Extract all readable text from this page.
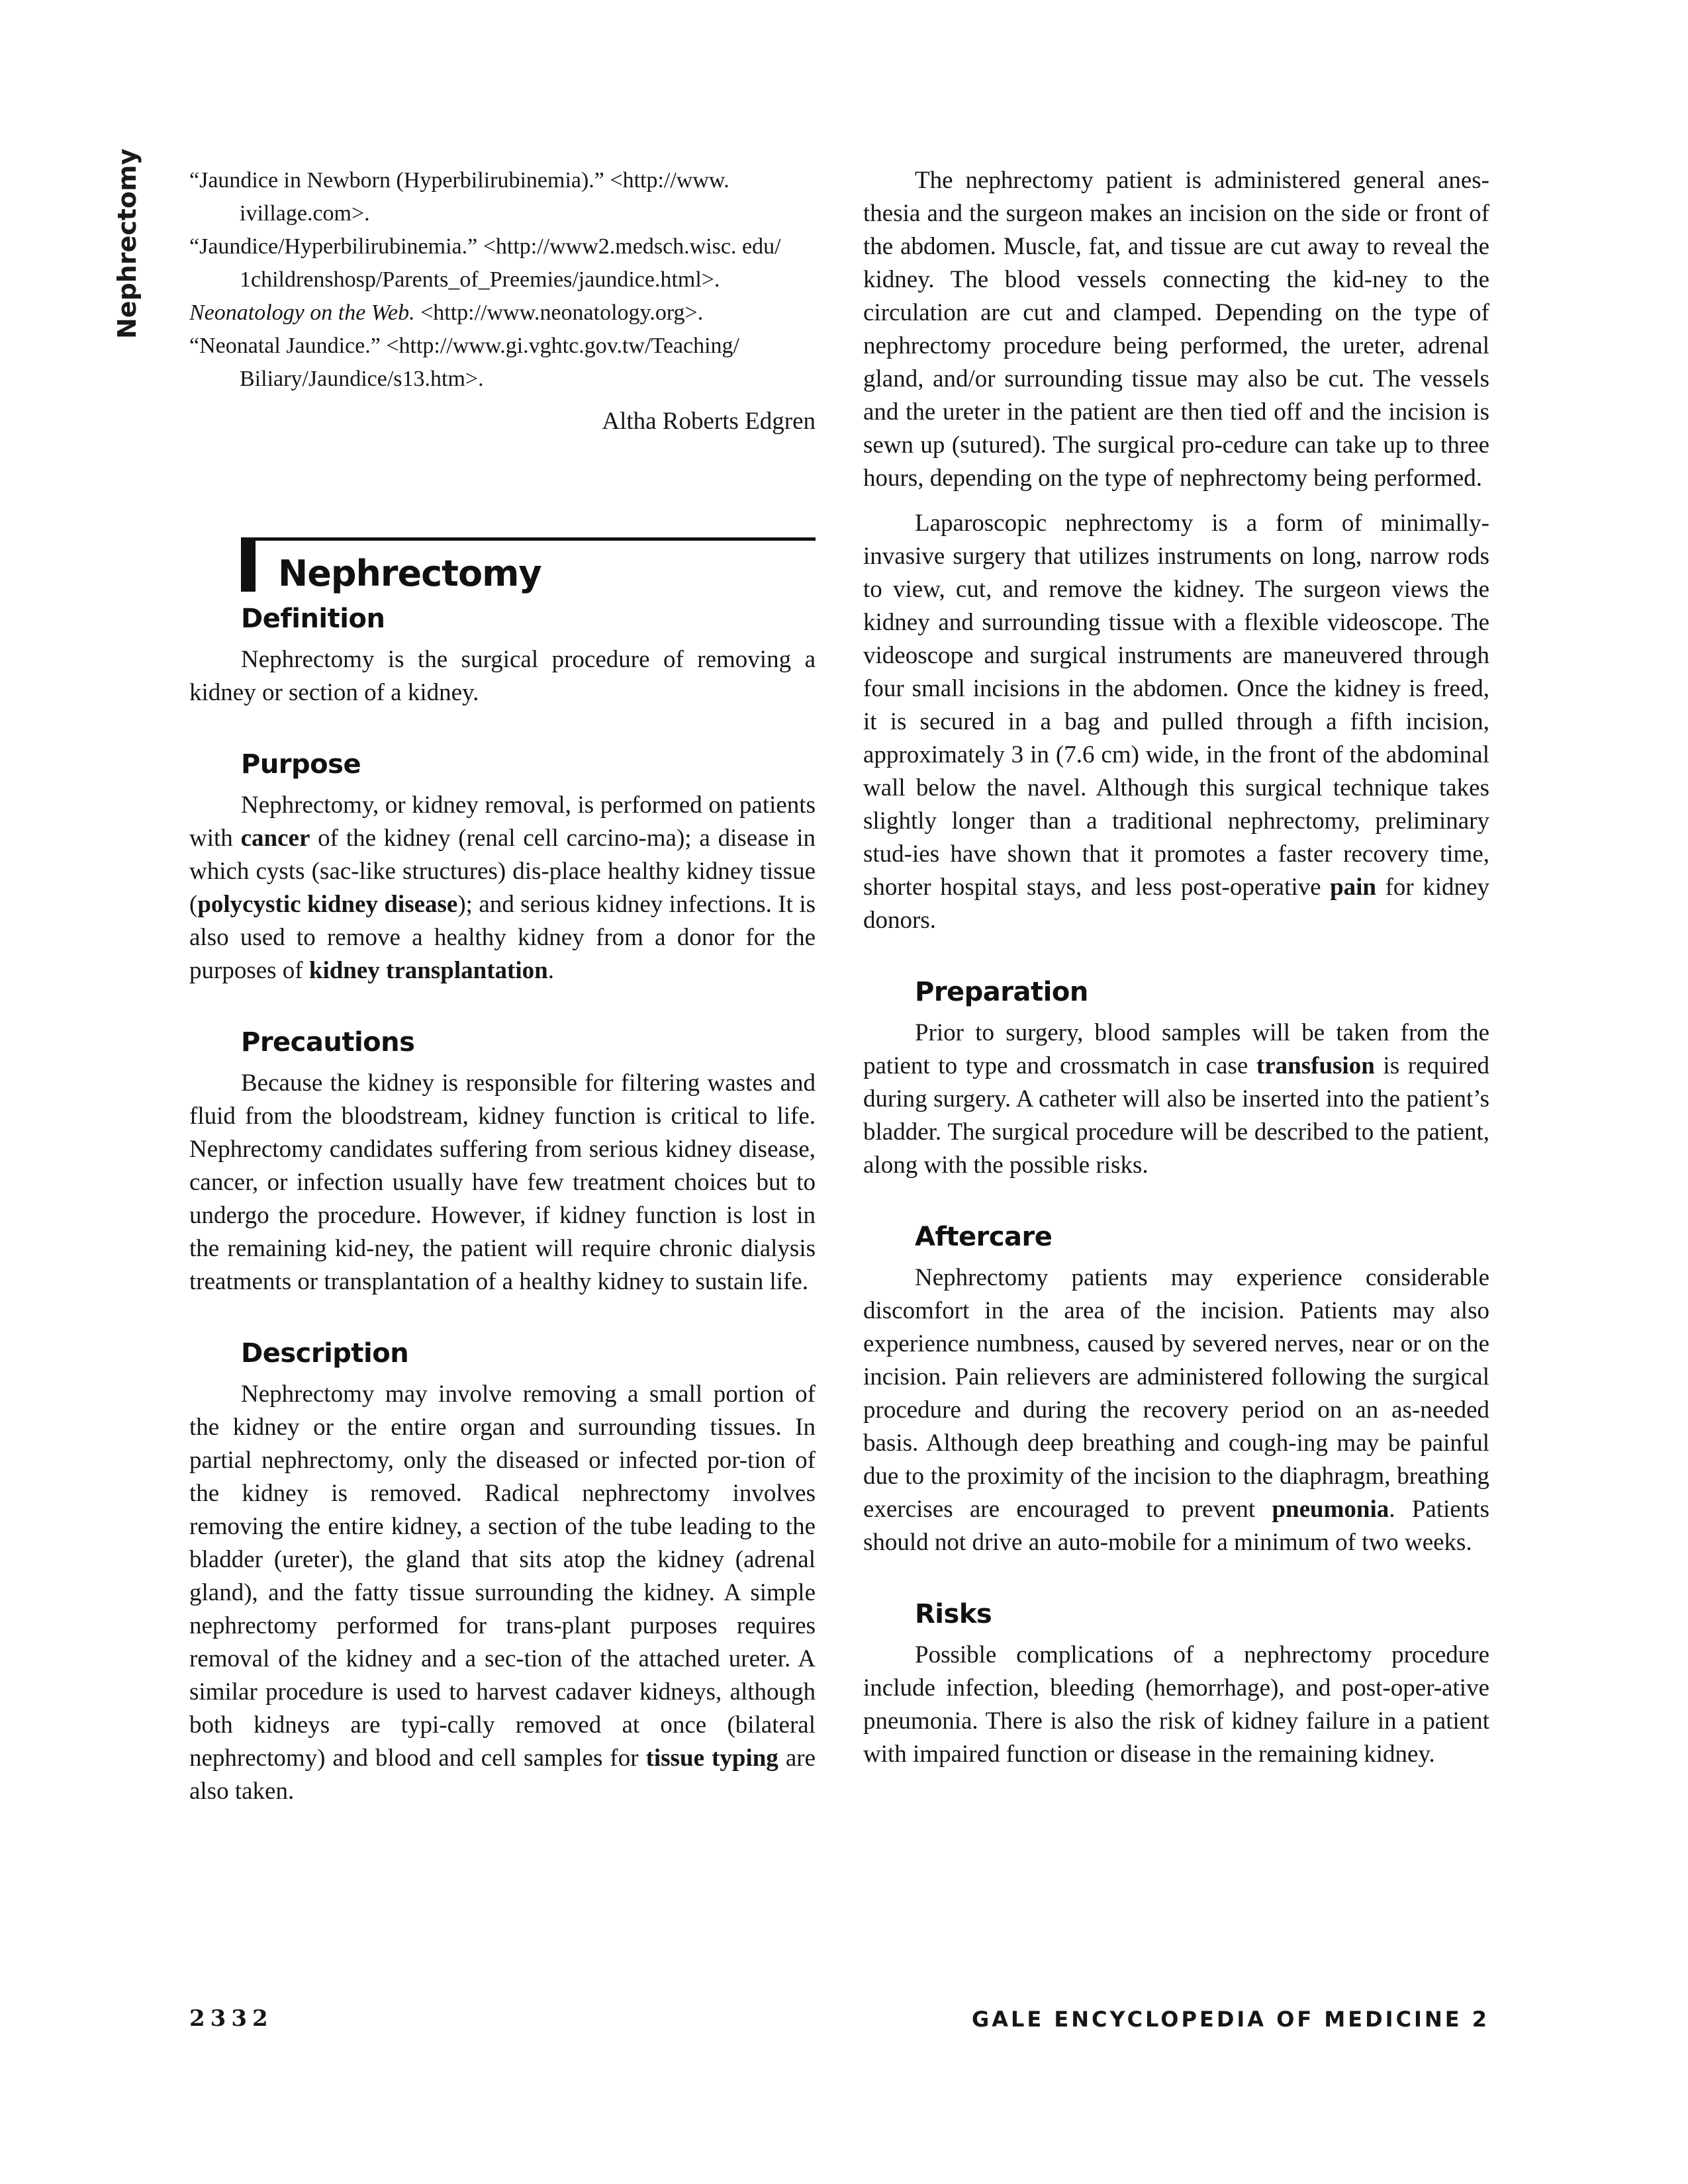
Nephrectomy “Jaundice in Newborn (Hyperbilirubinemia).” <http://www. ivillage.com>.

“Jaundice/Hyperbilirubinemia.” <http://www2.medsch.wisc. edu/ 1childrenshosp/Parents_of_Preemies/jaundice.html>.

Neonatology on the Web. <http://www.neonatology.org>.

“Neonatal Jaundice.” <http://www.gi.vghtc.gov.tw/Teaching/ Biliary/Jaundice/s13.htm>.

Altha Roberts Edgren

Nephrectomy
Definition

Nephrectomy is the surgical procedure of removing a kidney or section of a kidney.

Purpose

Nephrectomy, or kidney removal, is performed on patients with cancer of the kidney (renal cell carcino-ma); a disease in which cysts (sac-like structures) dis-place healthy kidney tissue (polycystic kidney disease); and serious kidney infections. It is also used to remove a healthy kidney from a donor for the purposes of kidney transplantation.

Precautions

Because the kidney is responsible for filtering wastes and fluid from the bloodstream, kidney function is critical to life. Nephrectomy candidates suffering from serious kidney disease, cancer, or infection usually have few treatment choices but to undergo the procedure. However, if kidney function is lost in the remaining kid-ney, the patient will require chronic dialysis treatments or transplantation of a healthy kidney to sustain life.

Description

Nephrectomy may involve removing a small portion of the kidney or the entire organ and surrounding tissues. In partial nephrectomy, only the diseased or infected por-tion of the kidney is removed. Radical nephrectomy involves removing the entire kidney, a section of the tube leading to the bladder (ureter), the gland that sits atop the kidney (adrenal gland), and the fatty tissue surrounding the kidney. A simple nephrectomy performed for trans-plant purposes requires removal of the kidney and a sec-tion of the attached ureter. A similar procedure is used to harvest cadaver kidneys, although both kidneys are typi-cally removed at once (bilateral nephrectomy) and blood and cell samples for tissue typing are also taken.

The nephrectomy patient is administered general anes-thesia and the surgeon makes an incision on the side or front of the abdomen. Muscle, fat, and tissue are cut away to reveal the kidney. The blood vessels connecting the kid-ney to the circulation are cut and clamped. Depending on the type of nephrectomy procedure being performed, the ureter, adrenal gland, and/or surrounding tissue may also be cut. The vessels and the ureter in the patient are then tied off and the incision is sewn up (sutured). The surgical pro-cedure can take up to three hours, depending on the type of nephrectomy being performed.

Laparoscopic nephrectomy is a form of minimally-invasive surgery that utilizes instruments on long, narrow rods to view, cut, and remove the kidney. The surgeon views the kidney and surrounding tissue with a flexible videoscope. The videoscope and surgical instruments are maneuvered through four small incisions in the abdomen. Once the kidney is freed, it is secured in a bag and pulled through a fifth incision, approximately 3 in (7.6 cm) wide, in the front of the abdominal wall below the navel. Although this surgical technique takes slightly longer than a traditional nephrectomy, preliminary stud-ies have shown that it promotes a faster recovery time, shorter hospital stays, and less post-operative pain for kidney donors.

Preparation

Prior to surgery, blood samples will be taken from the patient to type and crossmatch in case transfusion is required during surgery. A catheter will also be inserted into the patient’s bladder. The surgical procedure will be described to the patient, along with the possible risks.

Aftercare

Nephrectomy patients may experience considerable discomfort in the area of the incision. Patients may also experience numbness, caused by severed nerves, near or on the incision. Pain relievers are administered following the surgical procedure and during the recovery period on an as-needed basis. Although deep breathing and cough-ing may be painful due to the proximity of the incision to the diaphragm, breathing exercises are encouraged to prevent pneumonia. Patients should not drive an auto-mobile for a minimum of two weeks.

Risks

Possible complications of a nephrectomy procedure include infection, bleeding (hemorrhage), and post-oper-ative pneumonia. There is also the risk of kidney failure in a patient with impaired function or disease in the remaining kidney.

2332	GALE ENCYCLOPEDIA OF MEDICINE 2
